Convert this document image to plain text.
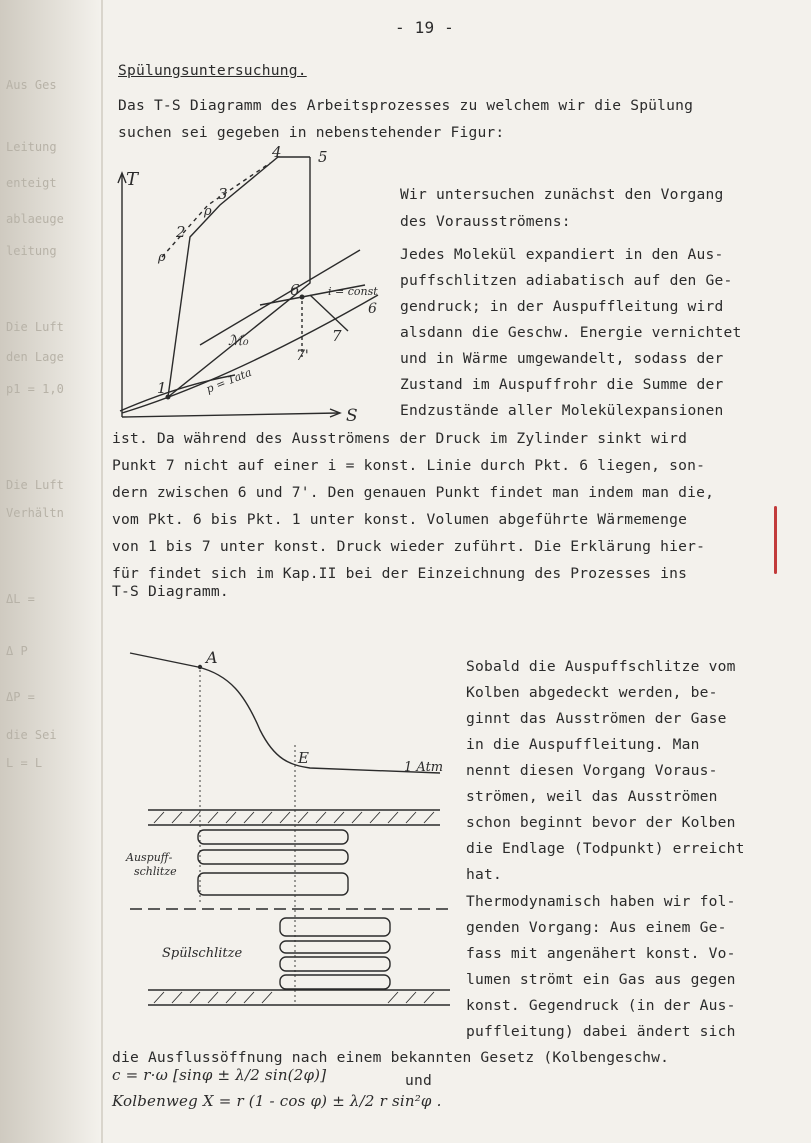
Aus Ges
Leitung
enteigt
ablaeuge
leitung
Die Luft
den Lage
p1 = 1,0
Die Luft
Verhältn
ΔL =
Δ P
ΔP =
die Sei
L = L
- 19 -
Spülungsuntersuchung.
Das T-S Diagramm des Arbeitsprozesses zu welchem wir die Spülung
suchen sei gegeben in nebenstehender Figur:
T
S
1
2
3
4 5
6
7
7'
6
ρ
ρ
ℳ₀
i = const
p = 1ata
Wir untersuchen zunächst den Vorgang
des Vorausströmens:
Jedes Molekül expandiert in den Aus-
puffschlitzen adiabatisch auf den Ge-
gendruck; in der Auspuffleitung wird
alsdann die Geschw. Energie vernichtet
und in Wärme umgewandelt, sodass der
Zustand im Auspuffrohr die Summe der
Endzustände aller Molekülexpansionen
ist. Da während des Ausströmens der Druck im Zylinder sinkt wird
Punkt 7 nicht auf einer i = konst. Linie durch Pkt. 6 liegen, son-
dern zwischen 6 und 7'. Den genauen Punkt findet man indem man die,
vom Pkt. 6 bis Pkt. 1 unter konst. Volumen abgeführte Wärmemenge
von 1 bis 7 unter konst. Druck wieder zuführt. Die Erklärung hier-
für findet sich im Kap.II bei der Einzeichnung des Prozesses ins
T-S Diagramm.
A
E
1 Atm
Auspuff-
schlitze
Spülschlitze
Sobald die Auspuffschlitze vom
Kolben abgedeckt werden, be-
ginnt das Ausströmen der Gase
in die Auspuffleitung. Man
nennt diesen Vorgang Voraus-
strömen, weil das Ausströmen
schon beginnt bevor der Kolben
die Endlage (Todpunkt) erreicht
hat.
Thermodynamisch haben wir fol-
genden Vorgang: Aus einem Ge-
fass mit angenähert konst. Vo-
lumen strömt ein Gas aus gegen
konst. Gegendruck (in der Aus-
puffleitung) dabei ändert sich
die Ausflussöffnung nach einem bekannten Gesetz (Kolbengeschw.
c = r·ω [sinφ ± λ/2 sin(2φ)]	und
Kolbenweg X = r (1 - cos φ) ± λ/2 r sin²φ .
